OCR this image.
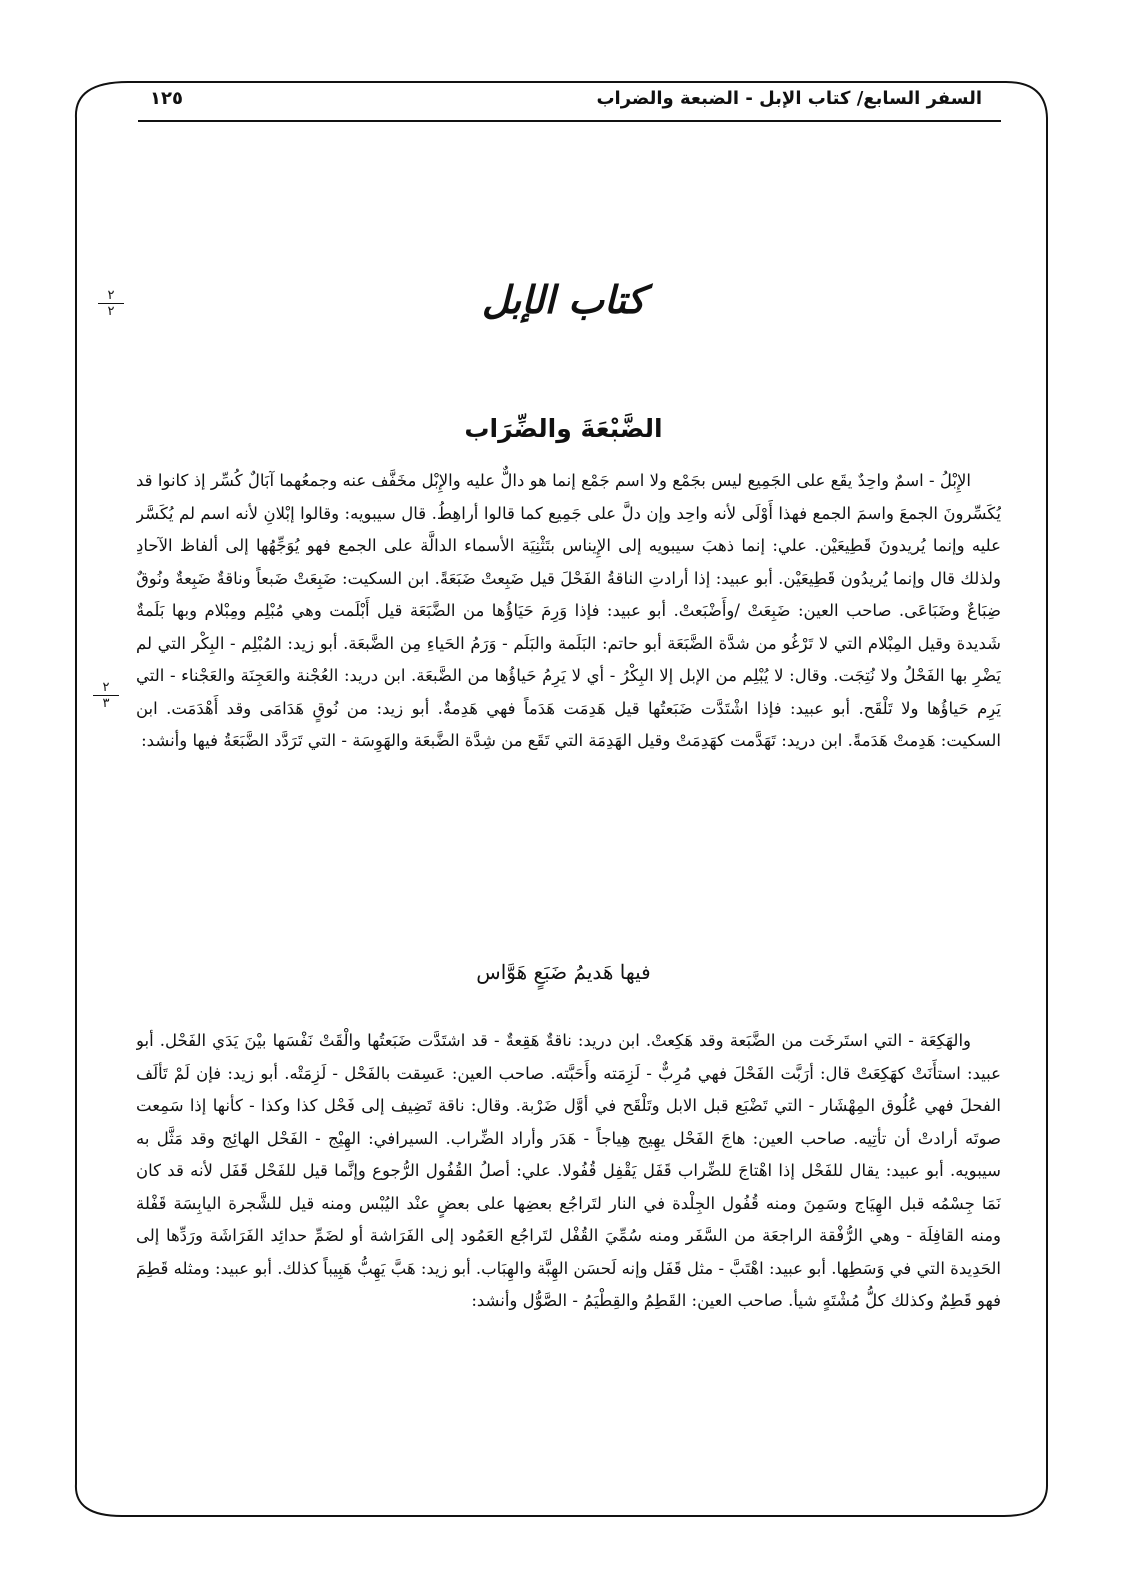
السفر السابع/ كتاب الإبل - الضبعة والضراب
١٢٥
٢
٢
٢
٣
كتاب الإبل
الضَّبْعَةَ والضِّرَاب

الإِبْلُ - اسمٌ واحِدٌ يقَع على الجَمِيع ليس بجَمْع ولا اسم جَمْع إنما هو دالٌّ عليه والإِبْل مخَفَّف عنه وجمعُهما آبَالٌ كُسِّر إذ كانوا قد يُكَسِّرونَ الجمعَ واسمَ الجمع فهذا أَوْلَى لأنه واحِد وإن دلَّ على جَمِيع كما قالوا أراهِطُ. قال سيبويه: وقالوا إبْلانِ لأنه اسم لم يُكَسَّر عليه وإنما يُريدونَ قَطِيعَيْن. علي: إنما ذهبَ سيبويه إلى الإِيناس بتَثْنِيَة الأسماء الدالَّة على الجمع فهو يُوَجِّهُها إلى ألفاظ الآحادِ ولذلك قال وإنما يُريدُون قَطِيعَيْن. أبو عبيد: إذا أرادتِ الناقةُ الفَحْلَ قيل ضَبِعتْ ضَبَعَةً. ابن السكيت: ضَبِعَتْ ضَبعاً وناقةٌ ضَبِعةٌ ونُوقٌ ضِبَاعٌ وضَبَاعَى. صاحب العين: ضَبِعَتْ /وأَضْبَعتْ. أبو عبيد: فإذا وَرِمَ حَيَاؤُها من الضَّبَعَة قيل أَبْلَمت وهي مُبْلِم ومِبْلام وبها بَلَمةٌ شَديدة وقيل المِبْلام التي لا تَرْغُو من شدَّة الضَّبَعَة أبو حاتم: البَلَمة والبَلَم - وَرَمُ الحَياءِ مِن الضَّبعَة. أبو زيد: المُبْلِم - البِكْر التي لم يَضْرِ بها الفَحْلُ ولا نُتِجَت. وقال: لا يُبْلِم من الإبل إلا البِكْرُ - أي لا يَرِمُ حَياؤُها من الضَّبعَة. ابن دريد: العُجْنة والعَجِنَة والعَجْناء - التي يَرِم حَياؤُها ولا تَلْقَح. أبو عبيد: فإذا اشْتَدَّت ضَبَعتُها قيل هَدِمَت هَدَماً فهي هَدِمةٌ. أبو زيد: من نُوقٍ هَدَامَى وقد أَهْدَمَت. ابن السكيت: هَدِمتْ هَدَمةً. ابن دريد: تَهَدَّمت كهَدِمَتْ وقيل الهَدِمَة التي تَقَع من شِدَّة الضَّبعَة والهَوِسَة - التي تَرَدَّد الضَّبَعَةُ فيها وأنشد:

فيها هَديمُ ضَبَعٍ هَوَّاس

والهَكِعَة - التي استَرخَت من الضَّبَعة وقد هَكِعتْ. ابن دريد: ناقةٌ هَقِعةٌ - قد اشتَدَّت ضَبَعتُها والْقَتْ نَفْسَها بيْنَ يَدَي الفَحْل. أبو عبيد: استأَنَتْ كهَكِعَتْ قال: أرَبَّت الفَحْلَ فهي مُرِبٌّ - لَزِمَته وأَحَبَّته. صاحب العين: عَسِقت بالفَحْل - لَزِمَتْه. أبو زيد: فإن لَمْ تَألَف الفحلَ فهي عُلُوق المِهْشَار - التي تَضْبَع قبل الابل وتَلْقَح في أوَّل ضَرْبة. وقال: ناقة تَضِيف إلى فَحْل كذا وكذا - كأنها إذا سَمِعت صوتَه أرادتْ أن تأتِيه. صاحب العين: هاجَ الفَحْل يهِيج هِياجاً - هَدَر وأراد الضِّراب. السيرافي: الهِيْج - الفَحْل الهائِج وقد مَثَّل به سيبويه. أبو عبيد: يقال للفَحْل إذا اهْتاجَ للضِّراب قَفَل يَقْفِل قُفُولا. علي: أصلُ القُفُول الرُّجوع وإنَّما قيل للفَحْل قَفَل لأنه قد كان نَمَا جِسْمُه قبل الهِيَاج وسَمِنَ ومنه قُفُول الجِلْدة في النار لتَراجُع بعضِها على بعضٍ عنْد اليُبْس ومنه قيل للشَّجرة اليابِسَة قَفْلة ومنه القافِلَة - وهي الرُّفْقة الراجعَة من السَّفَر ومنه سُمِّيَ القُفْل لتَراجُع العَمُود إلى الفَرَاشة أو لضَمِّ حدائِد الفَرَاشَة ورَدِّها إلى الحَدِيدة التي في وَسَطِها. أبو عبيد: اهْتَبَّ - مثل قَفَل وإنه لَحسَن الهِبَّة والهِبَاب. أبو زيد: هَبَّ يَهِبُّ هَبِيباً كذلك. أبو عبيد: ومثله قَطِمَ فهو قَطِمٌ وكذلك كلُّ مُشْتَهٍ شيأ. صاحب العين: القَطِمُ والقِطْيَمُ - الصَّوُّل وأنشد:
